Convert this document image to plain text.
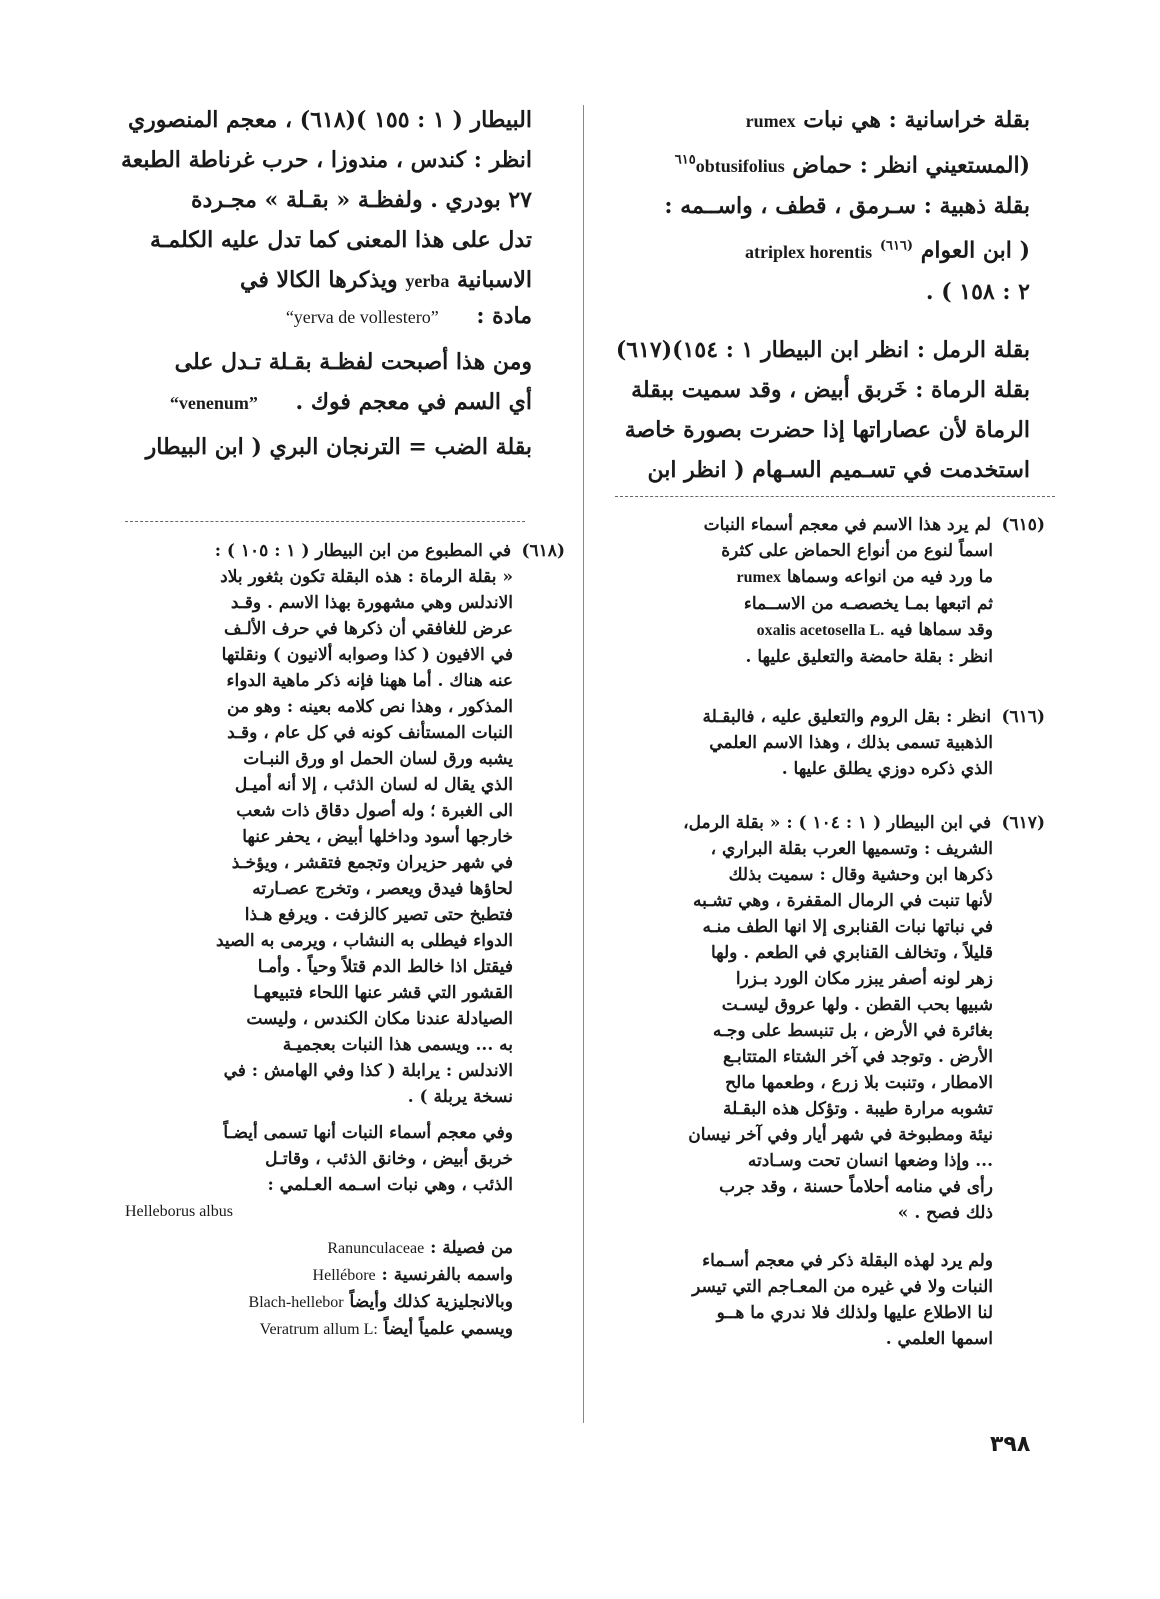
بقلة خراسانية : هي نبات rumex
(المستعيني انظر : حماض obtusifolius$^{٦١٥}$
بقلة ذهبية : سـرمق ، قطف ، واســمه :
( ابن العوام $^{(٦١٦)}$ atriplex horentis
٢ : ١٥٨ ) .
بقلة الرمل : انظر ابن البيطار ١ : ١٥٤)(٦١٧)
بقلة الرماة : خَربق أبيض ، وقد سميت ببقلة
الرماة لأن عصاراتها إذا حضرت بصورة خاصة
استخدمت في تسـميم السـهام ( انظر ابن
البيطار ( ١ : ١٥٥ )(٦١٨) ، معجم المنصوري
انظر : كندس ، مندوزا ، حرب غرناطة الطبعة
٢٧ بودري . ولفظـة « بقـلة » مجـردة
تدل على هذا المعنى كما تدل عليه الكلمـة
الاسبانية yerba ويذكرها الكالا في
مادة : “yerva de vollestero”
ومن هذا أصبحت لفظـة بقـلة تـدل على
أي السم في معجم فوك . “venenum”
بقلة الضب = الترنجان البري ( ابن البيطار
(٦١٥) لم يرد هذا الاسم في معجم أسماء النبات
اسماً لنوع من أنواع الحماض على كثرة
ما ورد فيه من انواعه وسماها rumex
ثم اتبعها بمـا يخصصـه من الاســماء
وقد سماها فيه oxalis acetosella L.
انظر : بقلة حامضة والتعليق عليها .
(٦١٦) انظر : بقل الروم والتعليق عليه ، فالبقـلة
الذهبية تسمى بذلك ، وهذا الاسم العلمي
الذي ذكره دوزي يطلق عليها .
(٦١٧) في ابن البيطار ( ١ : ١٠٤ ) : « بقلة الرمل،
الشريف : وتسميها العرب بقلة البراري ،
ذكرها ابن وحشية وقال : سميت بذلك
لأنها تنبت في الرمال المقفرة ، وهي تشـبه
في نباتها نبات القنابرى إلا انها الطف منـه
قليلاً ، وتخالف القنابري في الطعم . ولها
زهر لونه أصفر يبزر مكان الورد بـزرا
شبيها بحب القطن . ولها عروق ليسـت
بغائرة في الأرض ، بل تنبسط على وجـه
الأرض . وتوجد في آخر الشتاء المتتابـع
الامطار ، وتنبت بلا زرع ، وطعمها مالح
تشوبه مرارة طيبة . وتؤكل هذه البقـلة
نيئة ومطبوخة في شهر أيار وفي آخر نيسان
... وإذا وضعها انسان تحت وسـادته
رأى في منامه أحلاماً حسنة ، وقد جرب
ذلك فصح . »
ولم يرد لهذه البقلة ذكر في معجم أسـماء
النبات ولا في غيره من المعـاجم التي تيسر
لنا الاطلاع عليها ولذلك فلا ندري ما هــو
اسمها العلمي .
(٦١٨) في المطبوع من ابن البيطار ( ١ : ١٠٥ ) :
« بقلة الرماة : هذه البقلة تكون بثغور بلاد
الاندلس وهي مشهورة بهذا الاسم . وقـد
عرض للغافقي أن ذكرها في حرف الألـف
في الافيون ( كذا وصوابه ألانيون ) ونقلتها
عنه هناك . أما ههنا فإنه ذكر ماهية الدواء
المذكور ، وهذا نص كلامه بعينه : وهو من
النبات المستأنف كونه في كل عام ، وقـد
يشبه ورق لسان الحمل او ورق النبـات
الذي يقال له لسان الذئب ، إلا أنه أميـل
الى الغبرة ؛ وله أصول دقاق ذات شعب
خارجها أسود وداخلها أبيض ، يحفر عنها
في شهر حزيران وتجمع فتقشر ، ويؤخـذ
لحاؤها فيدق ويعصر ، وتخرج عصـارته
فتطبخ حتى تصير كالزفت . ويرفع هـذا
الدواء فيطلى به النشاب ، ويرمى به الصيد
فيقتل اذا خالط الدم قتلاً وحياً . وأمـا
القشور التي قشر عنها اللحاء فتبيعهـا
الصيادلة عندنا مكان الكندس ، وليست
به ... ويسمى هذا النبات بعجميـة
الاندلس : يرابلة ( كذا وفي الهامش : في
نسخة يربلة ) .
وفي معجم أسماء النبات أنها تسمى أيضـاً
خربق أبيض ، وخانق الذئب ، وقاتـل
الذئب ، وهي نبات اسـمه العـلمي :
Helleborus albus
من فصيلة : Ranunculaceae
واسمه بالفرنسية : Hellébore
وبالانجليزية كذلك وأيضاً Blach-hellebor
ويسمي علمياً أيضاً Veratrum allum L:
٣٩٨
